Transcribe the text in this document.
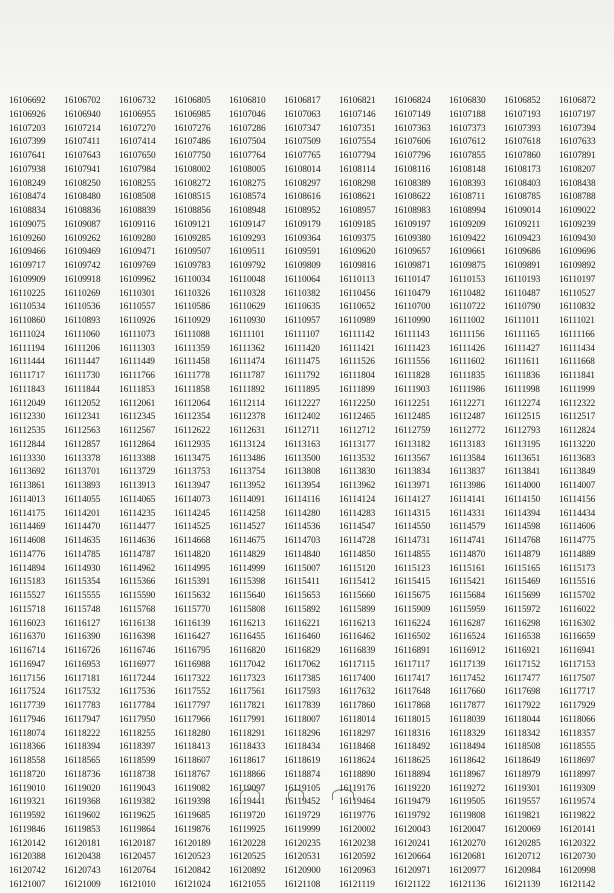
16106692	16106702	16106732	16106805	16106810	16106817	16106821	16106824	16106830	16106852	16106872
16106926	16106940	16106955	16106985	16107046	16107063	16107146	16107149	16107188	16107193	16107197
16107203	16107214	16107270	16107276	16107286	16107347	16107351	16107363	16107373	16107393	16107394
16107399	16107411	16107414	16107486	16107504	16107509	16107554	16107606	16107612	16107618	16107633
16107641	16107643	16107650	16107750	16107764	16107765	16107794	16107796	16107855	16107860	16107891
16107938	16107941	16107984	16108002	16108005	16108014	16108114	16108116	16108148	16108173	16108207
16108249	16108250	16108255	16108272	16108275	16108297	16108298	16108389	16108393	16108403	16108438
16108474	16108480	16108508	16108515	16108574	16108616	16108621	16108622	16108711	16108785	16108788
16108834	16108836	16108839	16108856	16108948	16108952	16108957	16108983	16108994	16109014	16109022
16109075	16109087	16109116	16109121	16109147	16109179	16109185	16109197	16109209	16109211	16109239
16109260	16109262	16109280	16109285	16109293	16109364	16109375	16109380	16109422	16109423	16109430
16109466	16109469	16109471	16109507	16109511	16109591	16109620	16109657	16109661	16109686	16109696
16109717	16109742	16109769	16109783	16109792	16109809	16109816	16109871	16109875	16109891	16109892
16109909	16109918	16109962	16110034	16110048	16110064	16110113	16110147	16110153	16110193	16110197
16110225	16110269	16110301	16110326	16110328	16110382	16110456	16110479	16110482	16110487	16110527
16110534	16110536	16110557	16110586	16110629	16110635	16110652	16110700	16110722	16110790	16110832
16110860	16110893	16110926	16110929	16110930	16110957	16110989	16110990	16111002	16111011	16111021
16111024	16111060	16111073	16111088	16111101	16111107	16111142	16111143	16111156	16111165	16111166
16111194	16111206	16111303	16111359	16111362	16111420	16111421	16111423	16111426	16111427	16111434
16111444	16111447	16111449	16111458	16111474	16111475	16111526	16111556	16111602	16111611	16111668
16111717	16111730	16111766	16111778	16111787	16111792	16111804	16111828	16111835	16111836	16111841
16111843	16111844	16111853	16111858	16111892	16111895	16111899	16111903	16111986	16111998	16111999
16112049	16112052	16112061	16112064	16112114	16112227	16112250	16112251	16112271	16112274	16112322
16112330	16112341	16112345	16112354	16112378	16112402	16112465	16112485	16112487	16112515	16112517
16112535	16112563	16112567	16112622	16112631	16112711	16112712	16112759	16112772	16112793	16112824
16112844	16112857	16112864	16112935	16113124	16113163	16113177	16113182	16113183	16113195	16113220
16113330	16113378	16113388	16113475	16113486	16113500	16113532	16113567	16113584	16113651	16113683
16113692	16113701	16113729	16113753	16113754	16113808	16113830	16113834	16113837	16113841	16113849
16113861	16113893	16113913	16113947	16113952	16113954	16113962	16113971	16113986	16114000	16114007
16114013	16114055	16114065	16114073	16114091	16114116	16114124	16114127	16114141	16114150	16114156
16114175	16114201	16114235	16114245	16114258	16114280	16114283	16114315	16114331	16114394	16114434
16114469	16114470	16114477	16114525	16114527	16114536	16114547	16114550	16114579	16114598	16114606
16114608	16114635	16114636	16114668	16114675	16114703	16114728	16114731	16114741	16114768	16114775
16114776	16114785	16114787	16114820	16114829	16114840	16114850	16114855	16114870	16114879	16114889
16114894	16114930	16114962	16114995	16114999	16115007	16115120	16115123	16115161	16115165	16115173
16115183	16115354	16115366	16115391	16115398	16115411	16115412	16115415	16115421	16115469	16115516
16115527	16115555	16115590	16115632	16115640	16115653	16115660	16115675	16115684	16115699	16115702
16115718	16115748	16115768	16115770	16115808	16115892	16115899	16115909	16115959	16115972	16116022
16116023	16116127	16116138	16116139	16116213	16116221	16116213	16116224	16116287	16116298	16116302
16116370	16116390	16116398	16116427	16116455	16116460	16116462	16116502	16116524	16116538	16116659
16116714	16116726	16116746	16116795	16116820	16116829	16116839	16116891	16116912	16116921	16116941
16116947	16116953	16116977	16116988	16117042	16117062	16117115	16117117	16117139	16117152	16117153
16117156	16117181	16117244	16117322	16117323	16117385	16117400	16117417	16117452	16117477	16117507
16117524	16117532	16117536	16117552	16117561	16117593	16117632	16117648	16117660	16117698	16117717
16117739	16117783	16117784	16117797	16117821	16117839	16117860	16117868	16117877	16117922	16117929
16117946	16117947	16117950	16117966	16117991	16118007	16118014	16118015	16118039	16118044	16118066
16118074	16118222	16118255	16118280	16118291	16118296	16118297	16118316	16118329	16118342	16118357
16118366	16118394	16118397	16118413	16118433	16118434	16118468	16118492	16118494	16118508	16118555
16118558	16118565	16118599	16118607	16118617	16118619	16118624	16118625	16118642	16118649	16118697
16118720	16118736	16118738	16118767	16118866	16118874	16118890	16118894	16118967	16118979	16118997
16119010	16119020	16119043	16119082	16119097	16119105	16119176	16119220	16119272	16119301	16119309
16119321	16119368	16119382	16119398	16119441	16119452	16119464	16119479	16119505	16119557	16119574
16119592	16119602	16119625	16119685	16119720	16119729	16119776	16119792	16119808	16119821	16119822
16119846	16119853	16119864	16119876	16119925	16119999	16120002	16120043	16120047	16120069	16120141
16120142	16120181	16120187	16120189	16120228	16120235	16120238	16120241	16120270	16120285	16120322
16120388	16120438	16120457	16120523	16120525	16120531	16120592	16120664	16120681	16120712	16120730
16120742	16120743	16120764	16120842	16120892	16120900	16120963	16120971	16120977	16120984	16120998
16121007	16121009	16121010	16121024	16121055	16121108	16121119	16121122	16121136	16121139	16121142
